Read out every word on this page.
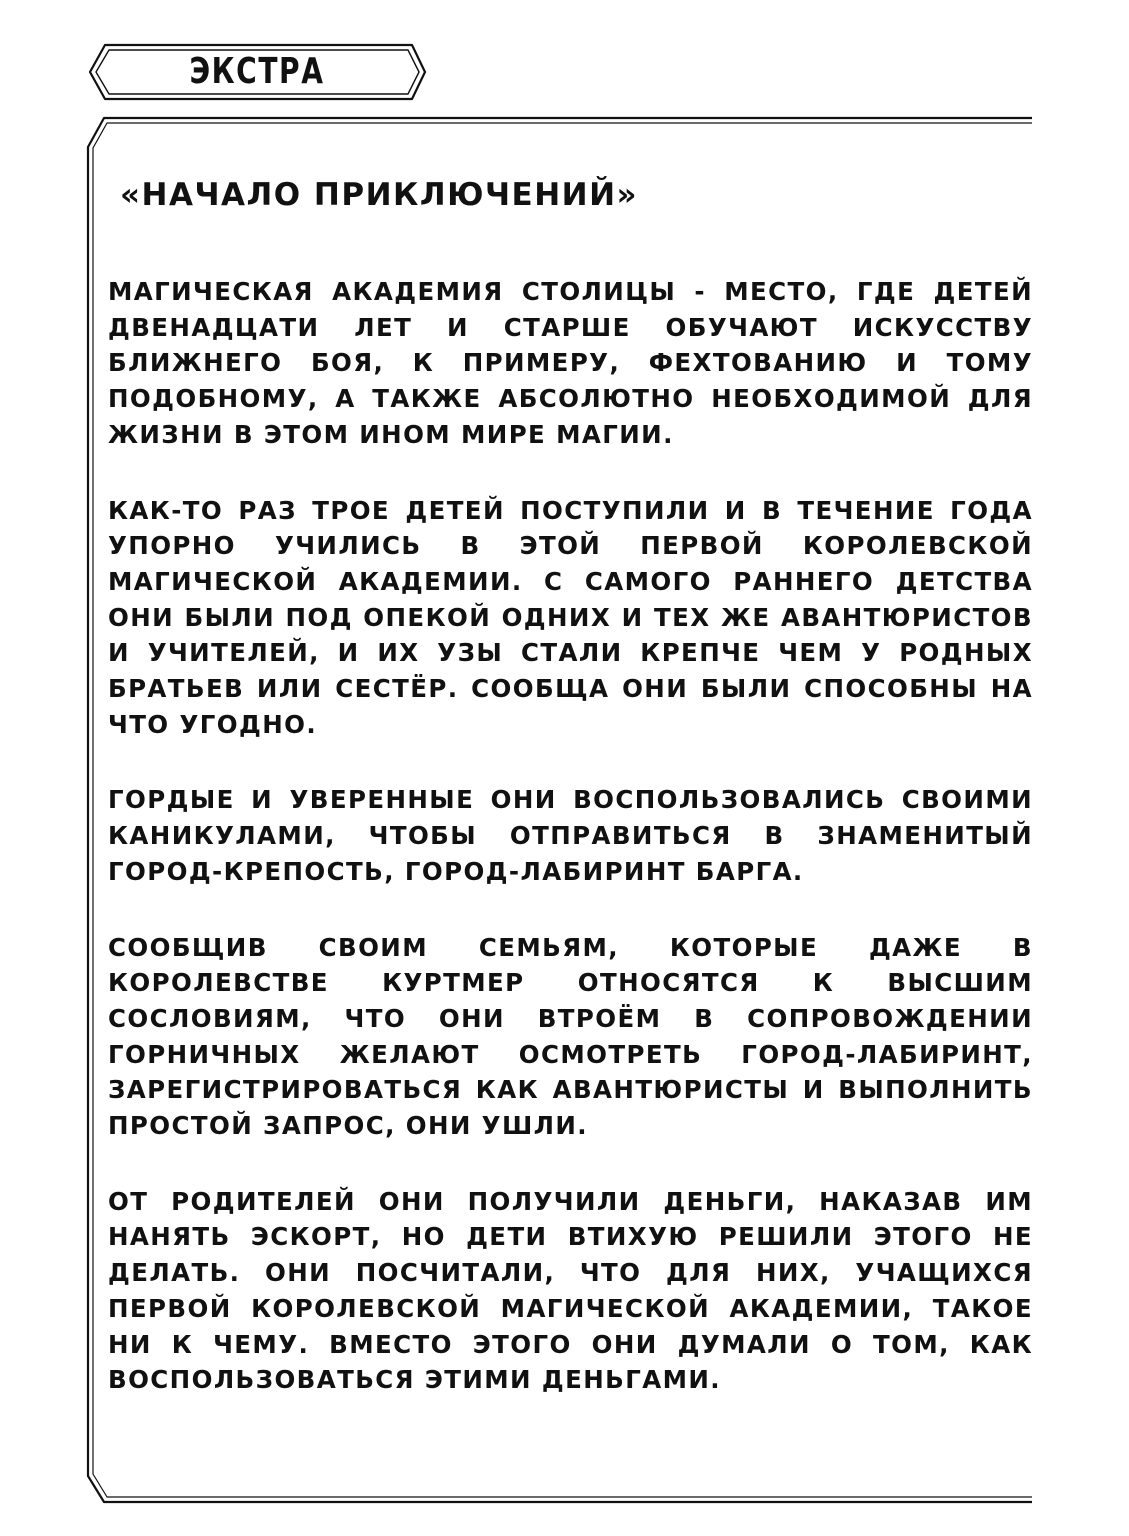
ЭКСТРА
«НАЧАЛО ПРИКЛЮЧЕНИЙ»

МАГИЧЕСКАЯ АКАДЕМИЯ СТОЛИЦЫ - МЕСТО, ГДЕ ДЕТЕЙ ДВЕНАДЦАТИ ЛЕТ И СТАРШЕ ОБУЧАЮТ ИСКУССТВУ БЛИЖНЕГО БОЯ, К ПРИМЕРУ, ФЕХТОВАНИЮ И ТОМУ ПОДОБНОМУ, А ТАКЖЕ АБСОЛЮТНО НЕОБХОДИМОЙ ДЛЯ ЖИЗНИ В ЭТОМ ИНОМ МИРЕ МАГИИ.

КАК-ТО РАЗ ТРОЕ ДЕТЕЙ ПОСТУПИЛИ И В ТЕЧЕНИЕ ГОДА УПОРНО УЧИЛИСЬ В ЭТОЙ ПЕРВОЙ КОРОЛЕВСКОЙ МАГИЧЕСКОЙ АКАДЕМИИ. С САМОГО РАННЕГО ДЕТСТВА ОНИ БЫЛИ ПОД ОПЕКОЙ ОДНИХ И ТЕХ ЖЕ АВАНТЮРИСТОВ И УЧИТЕЛЕЙ, И ИХ УЗЫ СТАЛИ КРЕПЧЕ ЧЕМ У РОДНЫХ БРАТЬЕВ ИЛИ СЕСТЁР. СООБЩА ОНИ БЫЛИ СПОСОБНЫ НА ЧТО УГОДНО.

ГОРДЫЕ И УВЕРЕННЫЕ ОНИ ВОСПОЛЬЗОВАЛИСЬ СВОИМИ КАНИКУЛАМИ, ЧТОБЫ ОТПРАВИТЬСЯ В ЗНАМЕНИТЫЙ ГОРОД-КРЕПОСТЬ, ГОРОД-ЛАБИРИНТ БАРГА.

СООБЩИВ СВОИМ СЕМЬЯМ, КОТОРЫЕ ДАЖЕ В КОРОЛЕВСТВЕ КУРТМЕР ОТНОСЯТСЯ К ВЫСШИМ СОСЛОВИЯМ, ЧТО ОНИ ВТРОЁМ В СОПРОВОЖДЕНИИ ГОРНИЧНЫХ ЖЕЛАЮТ ОСМОТРЕТЬ ГОРОД-ЛАБИРИНТ, ЗАРЕГИСТРИРОВАТЬСЯ КАК АВАНТЮРИСТЫ И ВЫПОЛНИТЬ ПРОСТОЙ ЗАПРОС, ОНИ УШЛИ.

ОТ РОДИТЕЛЕЙ ОНИ ПОЛУЧИЛИ ДЕНЬГИ, НАКАЗАВ ИМ НАНЯТЬ ЭСКОРТ, НО ДЕТИ ВТИХУЮ РЕШИЛИ ЭТОГО НЕ ДЕЛАТЬ. ОНИ ПОСЧИТАЛИ, ЧТО ДЛЯ НИХ, УЧАЩИХСЯ ПЕРВОЙ КОРОЛЕВСКОЙ МАГИЧЕСКОЙ АКАДЕМИИ, ТАКОЕ НИ К ЧЕМУ. ВМЕСТО ЭТОГО ОНИ ДУМАЛИ О ТОМ, КАК ВОСПОЛЬЗОВАТЬСЯ ЭТИМИ ДЕНЬГАМИ.
